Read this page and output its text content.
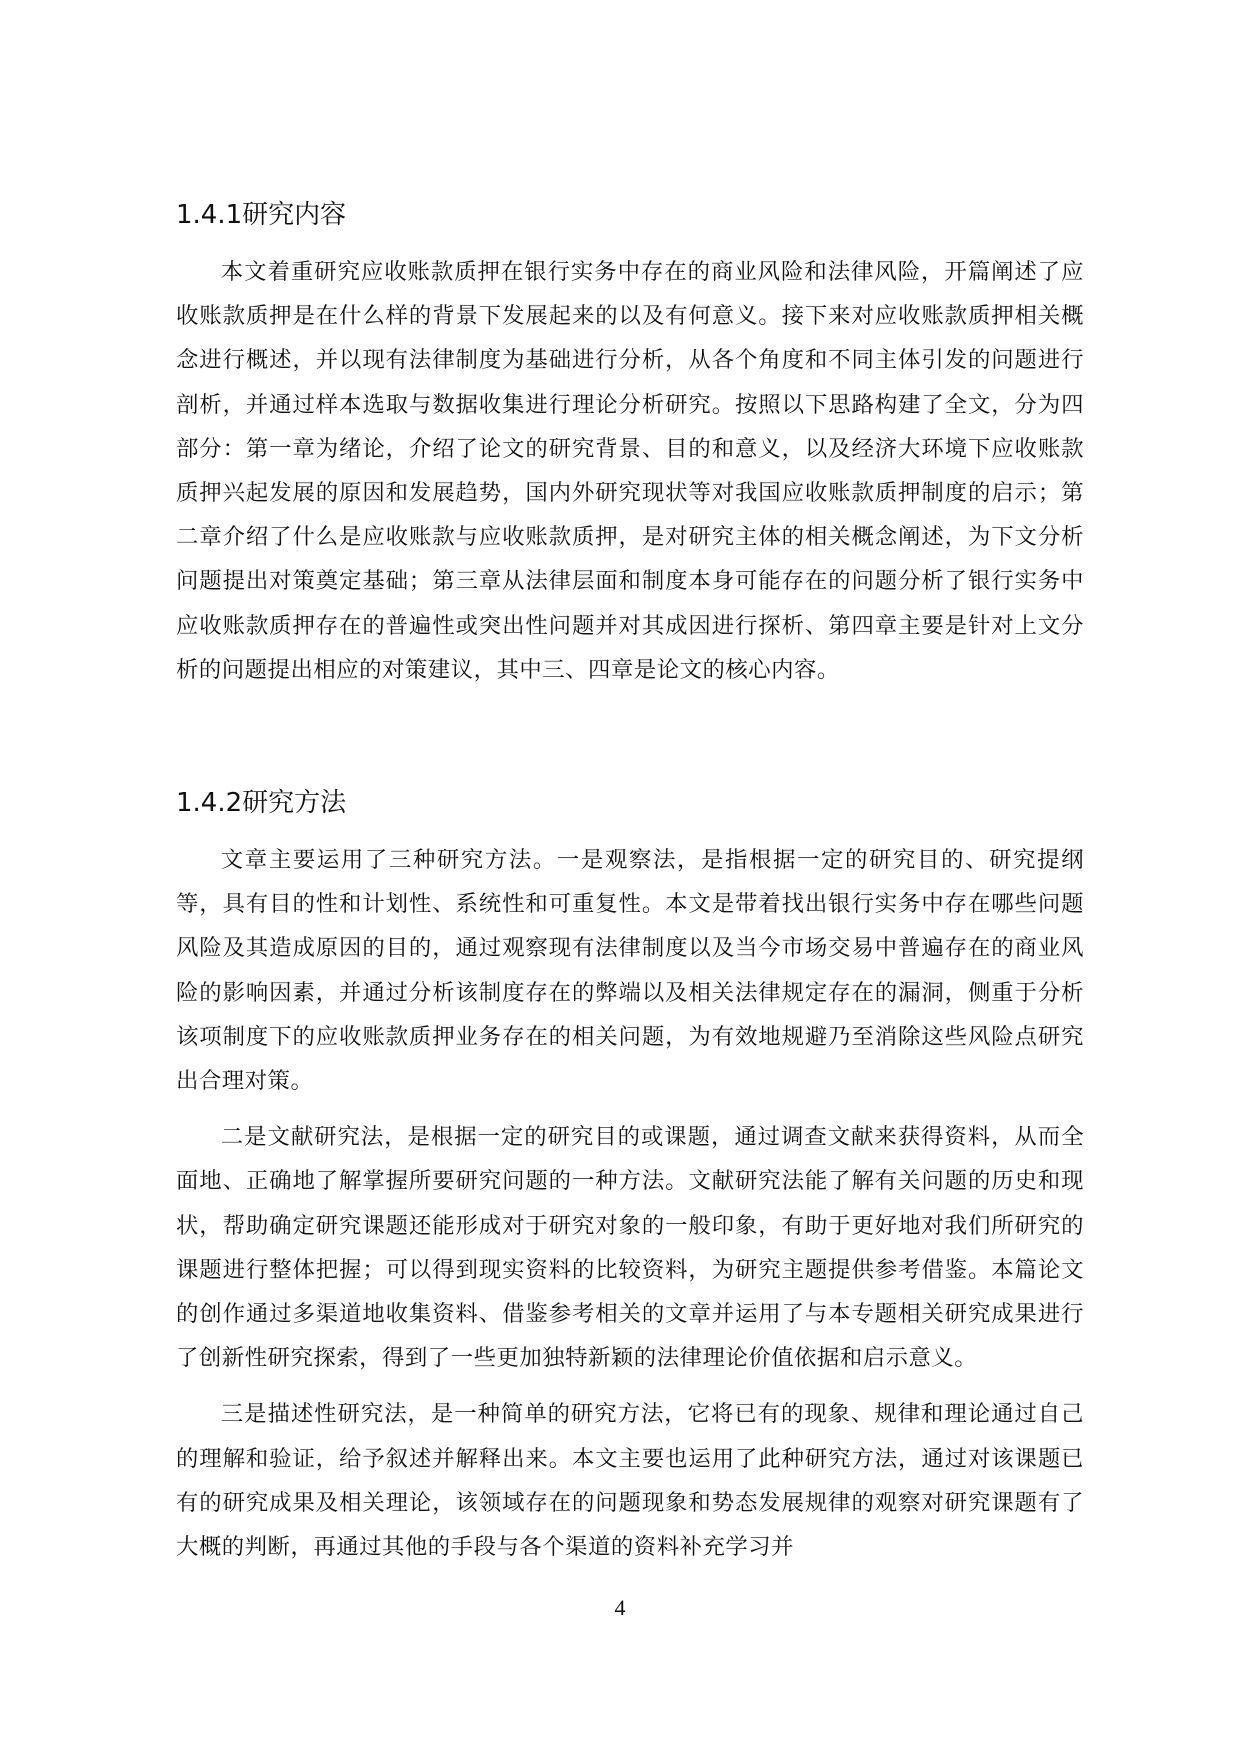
1.4.1研究内容

本文着重研究应收账款质押在银行实务中存在的商业风险和法律风险，开篇阐述了应收账款质押是在什么样的背景下发展起来的以及有何意义。接下来对应收账款质押相关概念进行概述，并以现有法律制度为基础进行分析，从各个角度和不同主体引发的问题进行剖析，并通过样本选取与数据收集进行理论分析研究。按照以下思路构建了全文，分为四部分：第一章为绪论，介绍了论文的研究背景、目的和意义，以及经济大环境下应收账款质押兴起发展的原因和发展趋势，国内外研究现状等对我国应收账款质押制度的启示；第二章介绍了什么是应收账款与应收账款质押，是对研究主体的相关概念阐述，为下文分析问题提出对策奠定基础；第三章从法律层面和制度本身可能存在的问题分析了银行实务中应收账款质押存在的普遍性或突出性问题并对其成因进行探析、第四章主要是针对上文分析的问题提出相应的对策建议，其中三、四章是论文的核心内容。

1.4.2研究方法

文章主要运用了三种研究方法。一是观察法，是指根据一定的研究目的、研究提纲等，具有目的性和计划性、系统性和可重复性。本文是带着找出银行实务中存在哪些问题风险及其造成原因的目的，通过观察现有法律制度以及当今市场交易中普遍存在的商业风险的影响因素，并通过分析该制度存在的弊端以及相关法律规定存在的漏洞，侧重于分析该项制度下的应收账款质押业务存在的相关问题，为有效地规避乃至消除这些风险点研究出合理对策。

二是文献研究法，是根据一定的研究目的或课题，通过调查文献来获得资料，从而全面地、正确地了解掌握所要研究问题的一种方法。文献研究法能了解有关问题的历史和现状，帮助确定研究课题还能形成对于研究对象的一般印象，有助于更好地对我们所研究的课题进行整体把握；可以得到现实资料的比较资料，为研究主题提供参考借鉴。本篇论文的创作通过多渠道地收集资料、借鉴参考相关的文章并运用了与本专题相关研究成果进行了创新性研究探索，得到了一些更加独特新颖的法律理论价值依据和启示意义。

三是描述性研究法，是一种简单的研究方法，它将已有的现象、规律和理论通过自己的理解和验证，给予叙述并解释出来。本文主要也运用了此种研究方法，通过对该课题已有的研究成果及相关理论，该领域存在的问题现象和势态发展规律的观察对研究课题有了大概的判断，再通过其他的手段与各个渠道的资料补充学习并

4
